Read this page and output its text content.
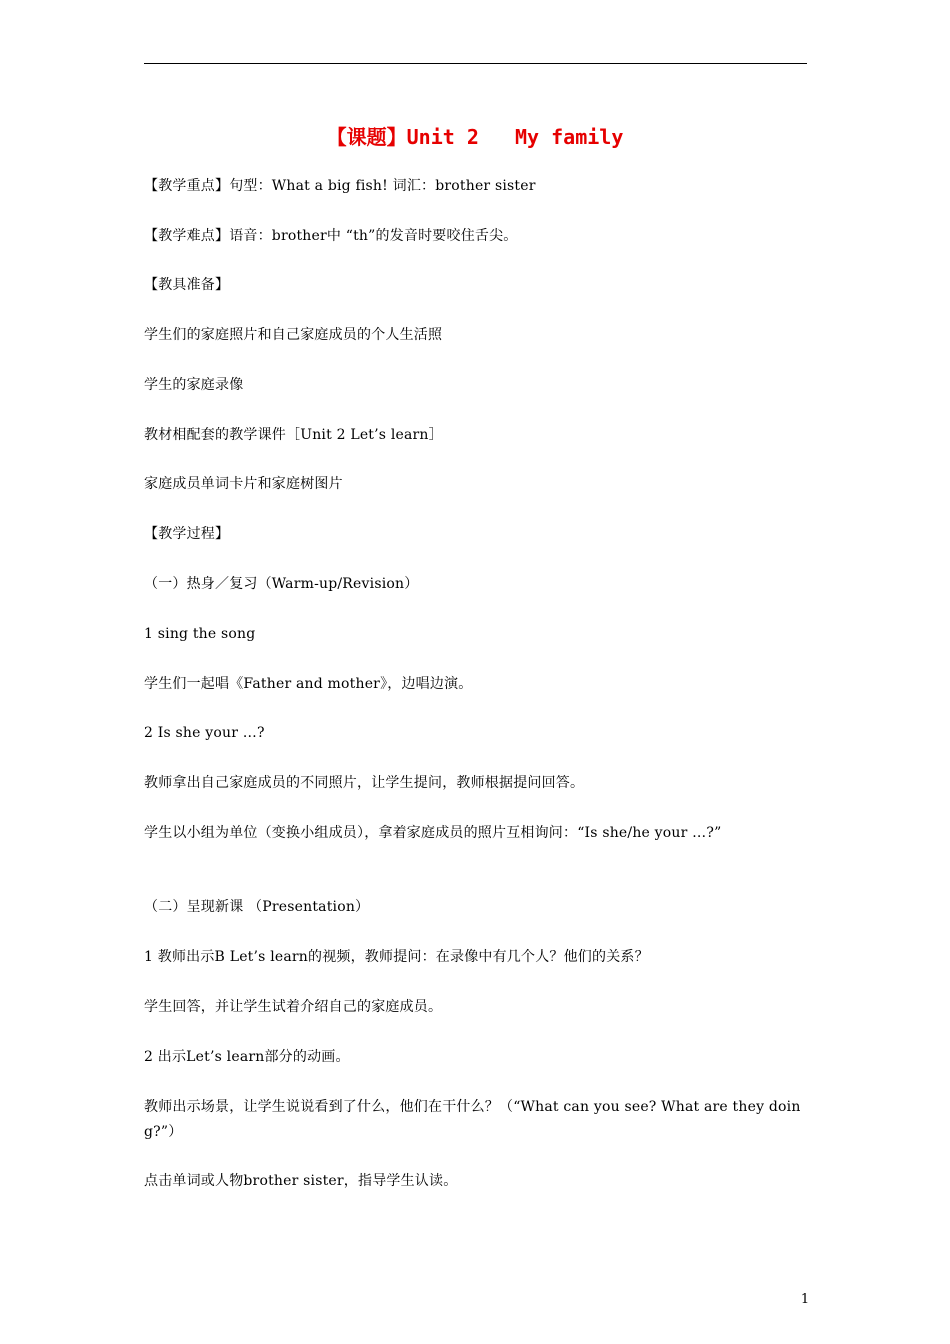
【课题】Unit 2   My family
【教学重点】句型：What a big fish! 词汇：brother sister
【教学难点】语音：brother中 “th”的发音时要咬住舌尖。
【教具准备】
学生们的家庭照片和自己家庭成员的个人生活照
学生的家庭录像
教材相配套的教学课件［Unit 2 Let’s learn］
家庭成员单词卡片和家庭树图片
【教学过程】
（一）热身／复习（Warm-up/Revision）
1 sing the song
学生们一起唱《Father and mother》，边唱边演。
2 Is she your …?
教师拿出自己家庭成员的不同照片，让学生提问，教师根据提问回答。
学生以小组为单位（变换小组成员），拿着家庭成员的照片互相询问：“Is she/he your …?”
（二）呈现新课 （Presentation）
1 教师出示B Let’s learn的视频，教师提问：在录像中有几个人？他们的关系？
学生回答，并让学生试着介绍自己的家庭成员。
2 出示Let’s learn部分的动画。
教师出示场景，让学生说说看到了什么，他们在干什么？（“What can you see? What are they doing?”）
点击单词或人物brother sister，指导学生认读。
1
